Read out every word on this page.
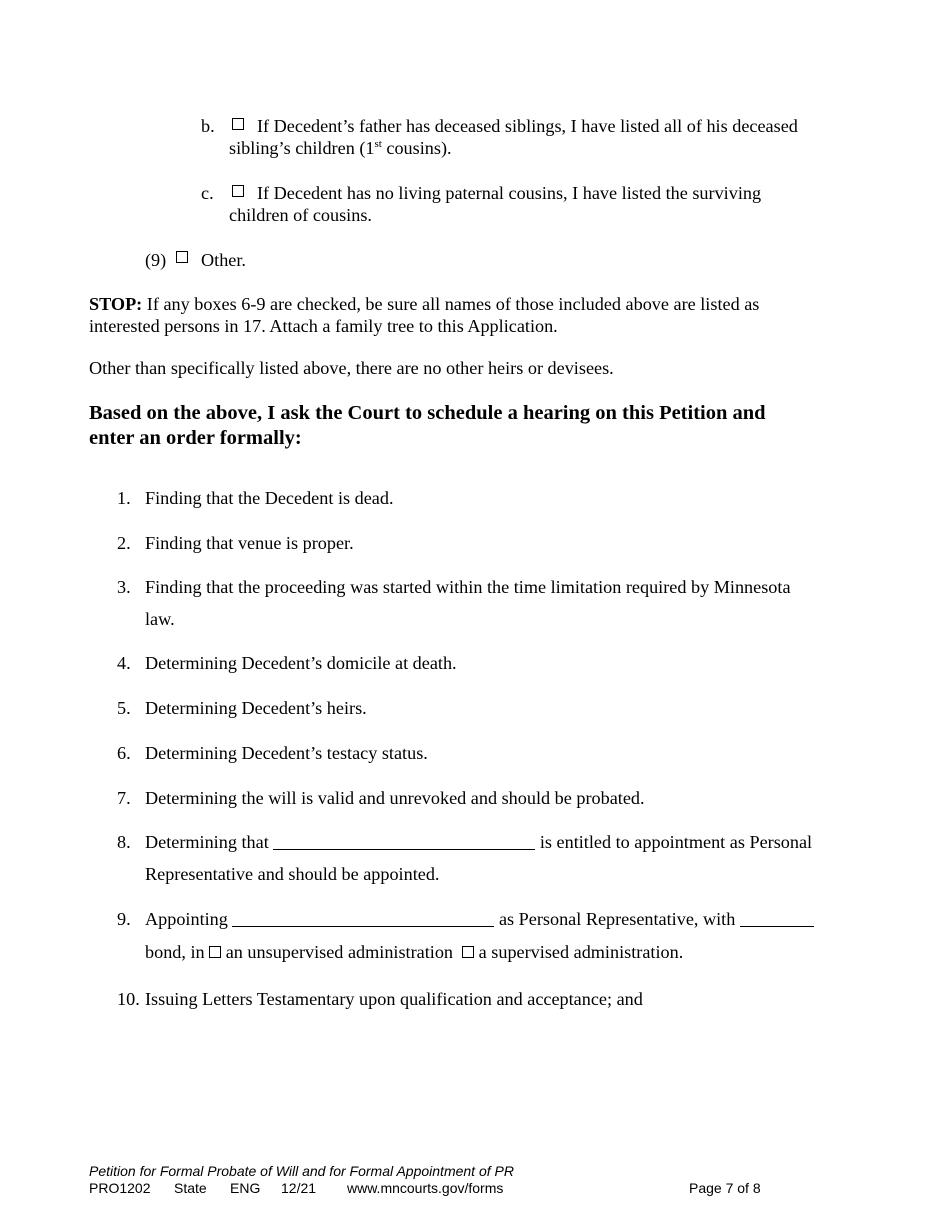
b. If Decedent’s father has deceased siblings, I have listed all of his deceased
sibling’s children (1st cousins).
c. If Decedent has no living paternal cousins, I have listed the surviving
children of cousins.
(9) Other.
STOP: If any boxes 6-9 are checked, be sure all names of those included above are listed as
interested persons in 17. Attach a family tree to this Application.
Other than specifically listed above, there are no other heirs or devisees.
Based on the above, I ask the Court to schedule a hearing on this Petition and
enter an order formally:
1. Finding that the Decedent is dead.
2. Finding that venue is proper.
3. Finding that the proceeding was started within the time limitation required by Minnesota
law.
4. Determining Decedent’s domicile at death.
5. Determining Decedent’s heirs.
6. Determining Decedent’s testacy status.
7. Determining the will is valid and unrevoked and should be probated.
8. Determining that	is entitled to appointment as Personal
Representative and should be appointed.
9. Appointing	as Personal Representative, with
bond, in an unsupervised administration a supervised administration.
10. Issuing Letters Testamentary upon qualification and acceptance; and
Petition for Formal Probate of Will and for Formal Appointment of PR
PRO1202 State ENG 12/21 www.mncourts.gov/forms	Page 7 of 8
